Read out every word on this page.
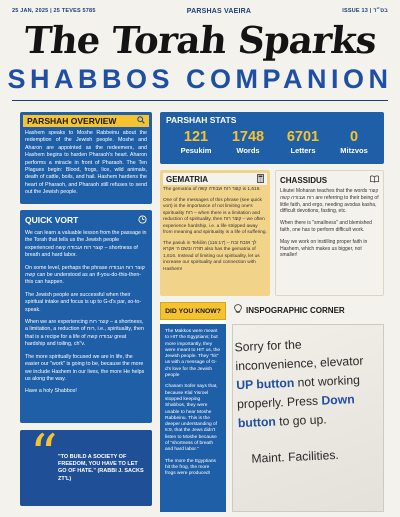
25 JAN, 2025 | 25 TEVES 5785	PARSHAS VAEIRA	ISSUE 13 | בס״ד
The Torah Sparks
SHABBOS COMPANION
PARSHAH OVERVIEW
Hashem speaks to Moshe Rabbeinu about the redemption of the Jewish people. Moshe and Aharon are appointed as the redeemers, and Hashem begins to harden Pharaoh's heart. Aharon performs a miracle in front of Pharaoh. The Ten Plagues begin: Blood, frogs, lice, wild animals, death of cattle, boils, and hail. Hashem hardens the heart of Pharaoh, and Pharaoh still refuses to send out the Jewish people.
QUICK VORT

We can learn a valuable lesson from the passage in the Torah that tells us the Jewish people experienced קוצר רוח ועבודה קשה – shortness of breath and hard labor.

On some level, perhaps the phrase קוצר רוח ועבודה קשה can be understood as an if-you-do-this-then-this can happen.

The Jewish people are successful when their spiritual intake and focus is up to G-d's par, so-to-speak.

When we are experiencing קוצר רוח – a shortness, a limitation, a reduction of רוח, i.e., spirituality, then that is a recipe for a life of עבודה קשה great hardship and toiling, ch"v.

The more spiritually focused we are in life, the easier our "work" is going to be, because the more we include Hashem in our lives, the more He helps us along the way.

Have a holy Shabbos!

“ "TO BUILD A SOCIETY OF FREEDOM, YOU HAVE TO LET GO OF HATE." (RABBI J. SACKS ZT'L)
PARSHAH STATS
121
Pesukim
1748
Words
6701
Letters
0
Mitzvos
GEMATRIA

The gematria of קוצר רוח ועבודה קשה is 1,616.

One of the messages of this phrase (see quick vort) is the importance of not limiting one's spirituality רוח – when there is a limitation and reduction of spirituality, then קוצר רוח – we often experience hardship, i.e. a life stripped away from meaning and spirituality is a life of suffering.

The pasuk in Tehilim (116:17) – לך אזבח זבח תודה ובשם ה' אקרא also has the gematria of 1,616. Instead of limiting our spirituality, let us increase our spirituality and connection with Hashem!

CHASSIDUS

Likutei Moharan teaches that the words קוצר רוח ועבודה קשה are referring to their being of little faith, and ergo, needing avodas kasha, difficult devotions, fasting, etc.

When there is "smallness" and blemished faith, one has to perform difficult work.

May we work on instilling proper faith in Hashem, which makes us bigger, not smaller!

DID YOU KNOW?

The Makkos were meant to HIT the Egyptians; but more importantly, they were meant to HIT us, the Jewish people. They "hit" us with a message of G-d's love for the Jewish people

Chasam Sofer says that, because Klal Yisroel stopped keeping Shabbos, they were unable to hear Moshe Rabbeinu. This is the deeper understanding of 6:9, that the Jews didn't listen to Moshe because of "shortness of breath and hard labor."

The more the Egyptians hit the frog, the more frogs were produced!

INSPOGRAPHIC CORNER
Sorry for the
inconvenience, elevator
UP button not working
properly. Press Down
button to go up.
Maint. Facilities.
